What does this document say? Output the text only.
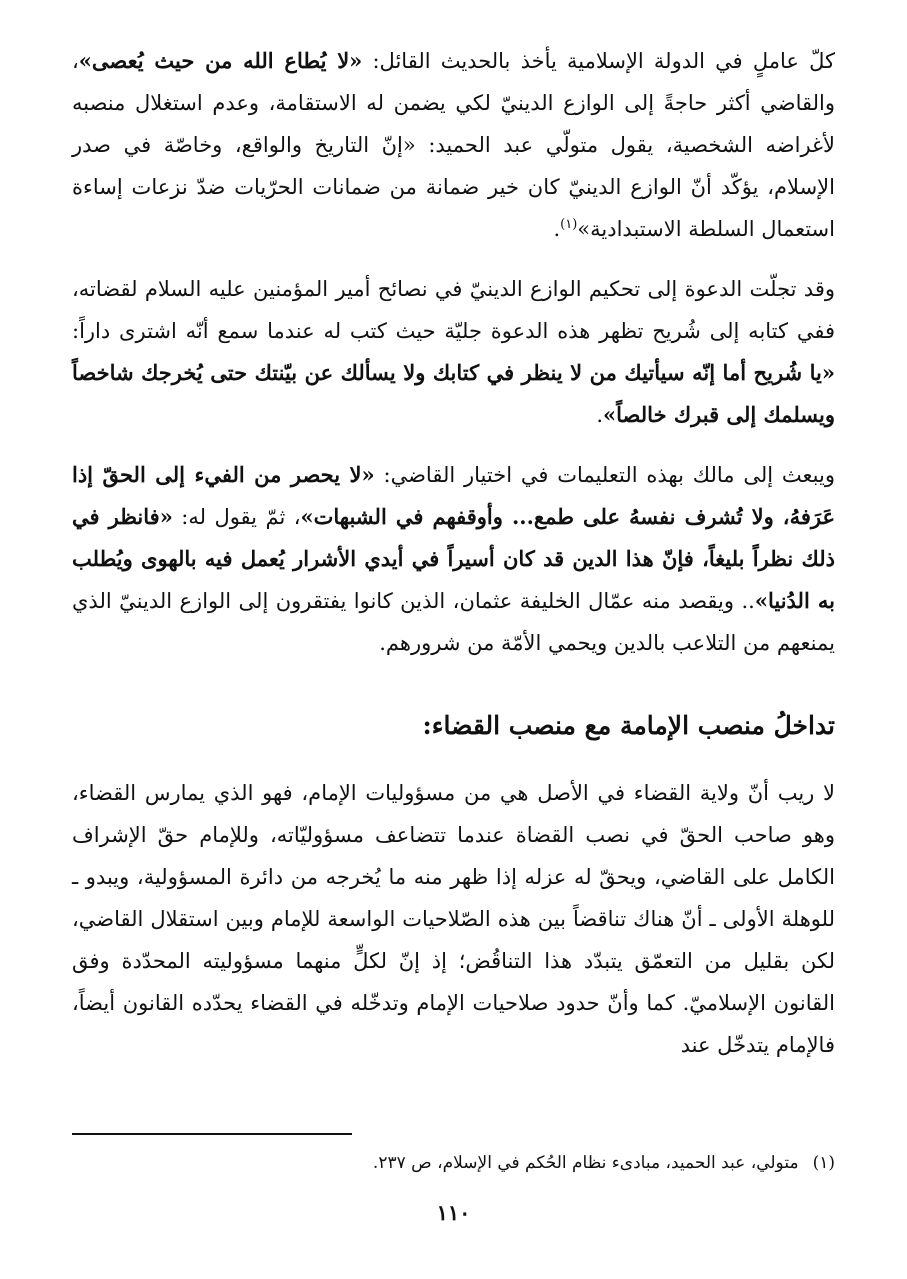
كلّ عاملٍ في الدولة الإسلامية يأخذ بالحديث القائل: «لا يُطاع الله من حيث يُعصى»، والقاضي أكثر حاجةً إلى الوازع الدينيّ لكي يضمن له الاستقامة، وعدم استغلال منصبه لأغراضه الشخصية، يقول متولّي عبد الحميد: «إنّ التاريخ والواقع، وخاصّة في صدر الإسلام، يؤكّد أنّ الوازع الدينيّ كان خير ضمانة من ضمانات الحرّيات ضدّ نزعات إساءة استعمال السلطة الاستبدادية»$^{(١)}$.

وقد تجلّت الدعوة إلى تحكيم الوازع الدينيّ في نصائح أمير المؤمنين عليه السلام لقضاته، ففي كتابه إلى شُريح تظهر هذه الدعوة جليّة حيث كتب له عندما سمع أنّه اشترى داراً: «يا شُريح أما إنّه سيأتيك من لا ينظر في كتابك ولا يسألك عن بيّنتك حتى يُخرجك شاخصاً ويسلمك إلى قبرك خالصاً».

ويبعث إلى مالك بهذه التعليمات في اختيار القاضي: «لا يحصر من الفيء إلى الحقّ إذا عَرَفهُ، ولا تُشرف نفسهُ على طمع... وأوقفهم في الشبهات»، ثمّ يقول له: «فانظر في ذلك نظراً بليغاً، فإنّ هذا الدين قد كان أسيراً في أيدي الأشرار يُعمل فيه بالهوى ويُطلب به الدُنيا».. ويقصد منه عمّال الخليفة عثمان، الذين كانوا يفتقرون إلى الوازع الدينيّ الذي يمنعهم من التلاعب بالدين ويحمي الأمّة من شرورهم.

تداخلُ منصب الإمامة مع منصب القضاء:

لا ريب أنّ ولاية القضاء في الأصل هي من مسؤوليات الإمام، فهو الذي يمارس القضاء، وهو صاحب الحقّ في نصب القضاة عندما تتضاعف مسؤوليّاته، وللإمام حقّ الإشراف الكامل على القاضي، ويحقّ له عزله إذا ظهر منه ما يُخرجه من دائرة المسؤولية، ويبدو ـ للوهلة الأولى ـ أنّ هناك تناقضاً بين هذه الصّلاحيات الواسعة للإمام وبين استقلال القاضي، لكن بقليل من التعمّق يتبدّد هذا التناقُض؛ إذ إنّ لكلٍّ منهما مسؤوليته المحدّدة وفق القانون الإسلاميّ. كما وأنّ حدود صلاحيات الإمام وتدخّله في القضاء يحدّده القانون أيضاً، فالإمام يتدخّل عند

(١)متولي، عبد الحميد، مبادىء نظام الحُكم في الإسلام، ص ٢٣٧.

١١٠
